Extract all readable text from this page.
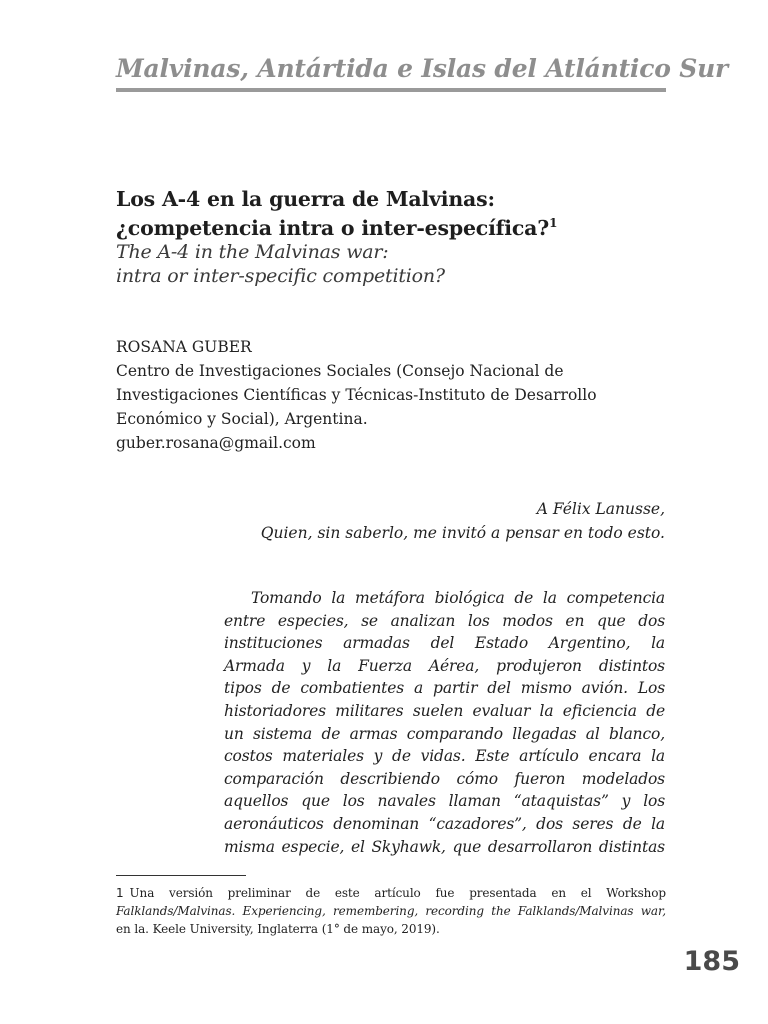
Malvinas, Antártida e Islas del Atlántico Sur
Los A-4 en la guerra de Malvinas:
¿competencia intra o inter-específica?$^1$
The A-4 in the Malvinas war:
intra or inter-specific competition?
ROSANA GUBER
Centro de Investigaciones Sociales (Consejo Nacional de
Investigaciones Científicas y Técnicas-Instituto de Desarrollo
Económico y Social), Argentina.
guber.rosana@gmail.com
A Félix Lanusse,
Quien, sin saberlo, me invitó a pensar en todo esto.
Tomando la metáfora biológica de la competencia
entre especies, se analizan los modos en que dos
instituciones armadas del Estado Argentino, la
Armada y la Fuerza Aérea, produjeron distintos
tipos de combatientes a partir del mismo avión. Los
historiadores militares suelen evaluar la eficiencia de
un sistema de armas comparando llegadas al blanco,
costos materiales y de vidas. Este artículo encara la
comparación describiendo cómo fueron modelados
aquellos que los navales llaman “ataquistas” y los
aeronáuticos denominan “cazadores”, dos seres de la
misma especie, el Skyhawk, que desarrollaron distintas
1 Una versión preliminar de este artículo fue presentada en el Workshop
Falklands/Malvinas. Experiencing, remembering, recording the Falklands/Malvinas war,
en la. Keele University, Inglaterra (1° de mayo, 2019).
185
